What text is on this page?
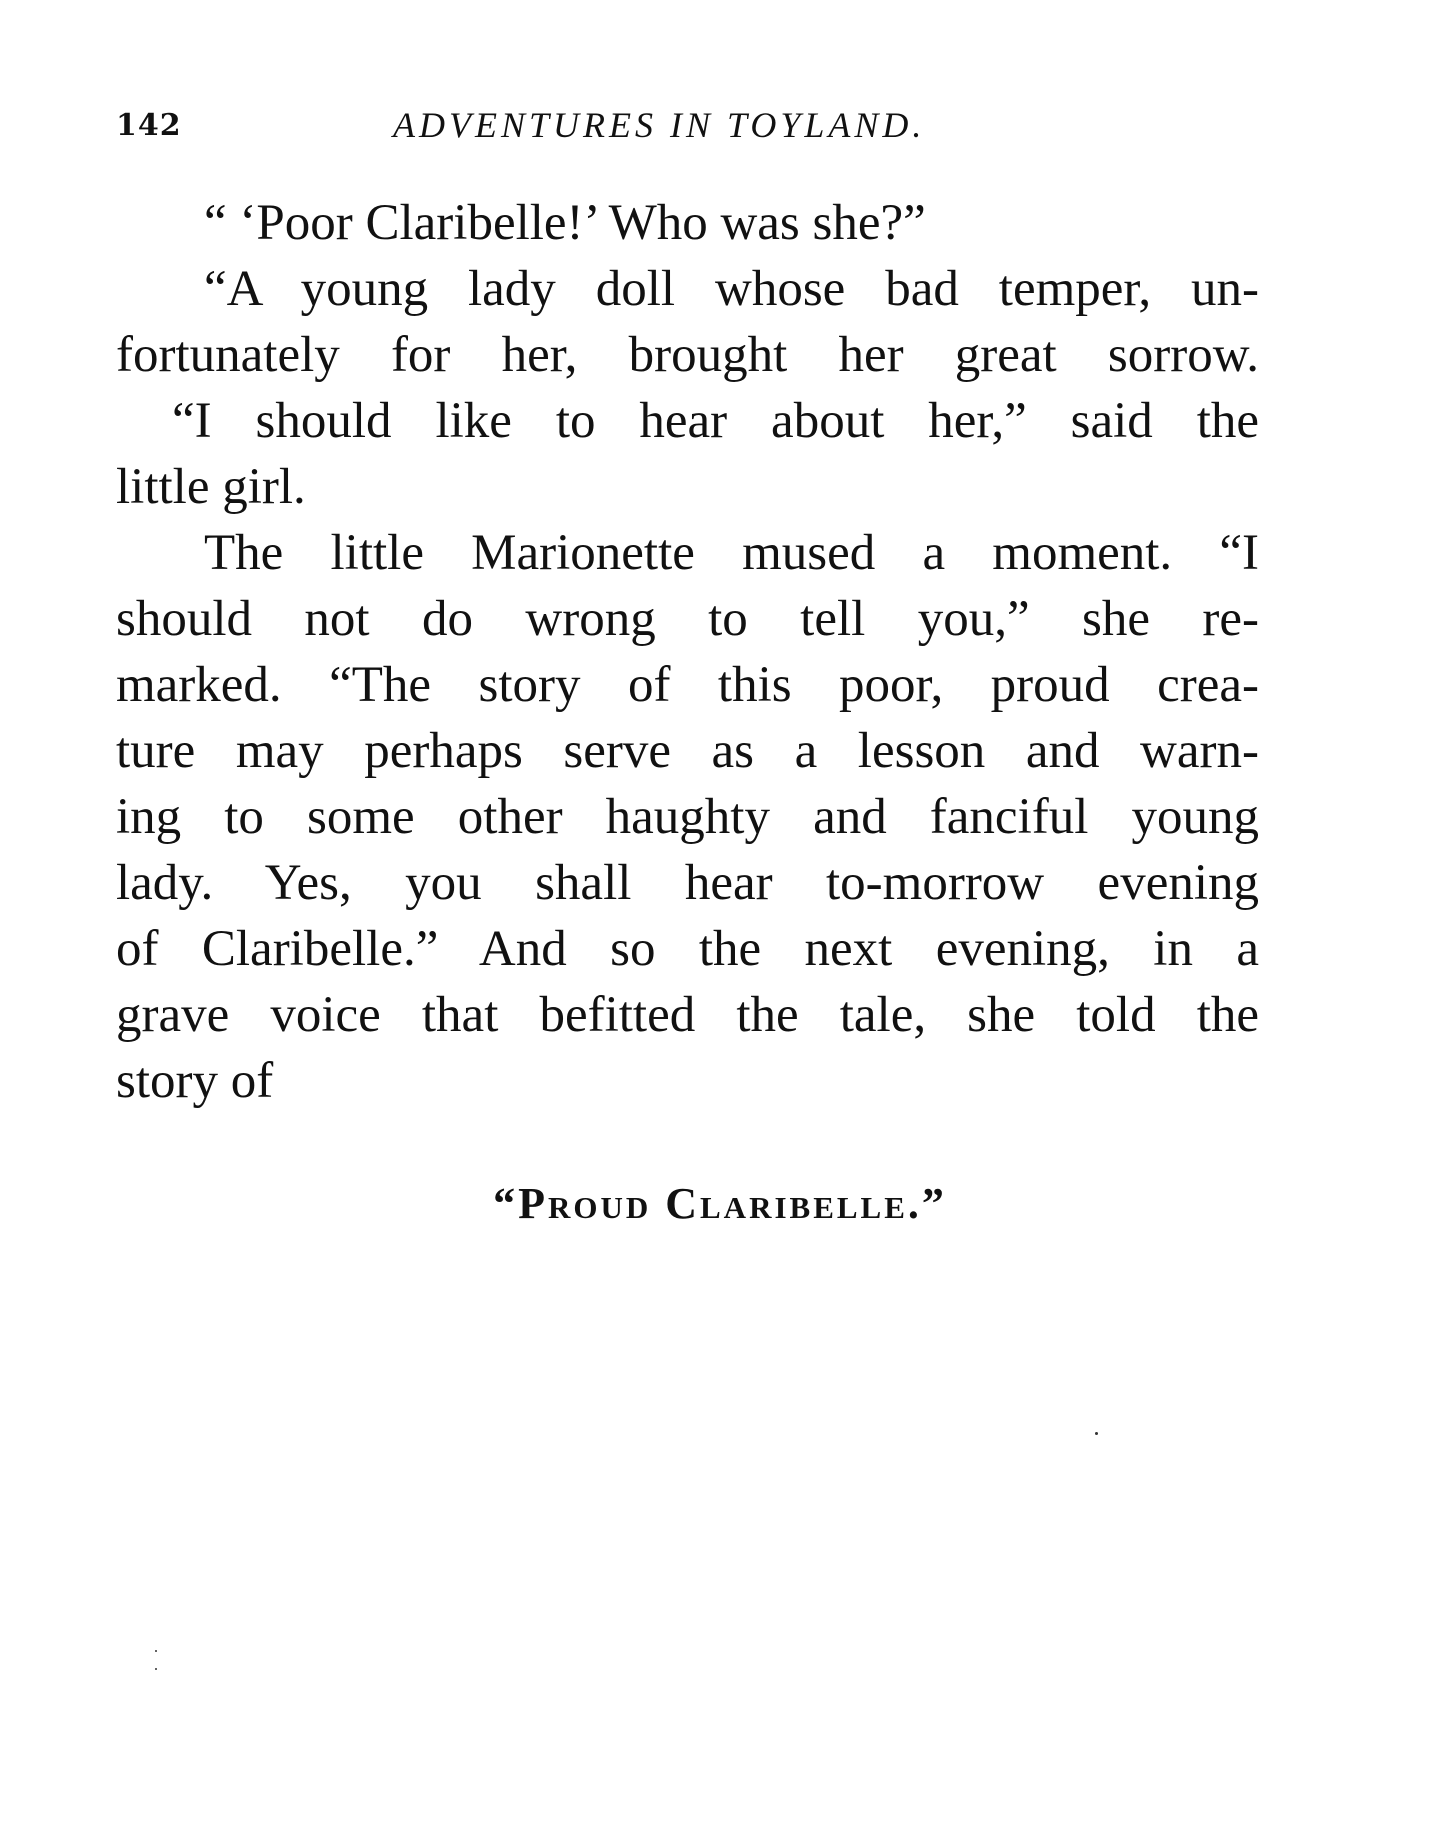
142	ADVENTURES IN TOYLAND.
“ ‘Poor Claribelle!’ Who was she?”
“A young lady doll whose bad temper, un-
fortunately for her, brought her great sorrow.
“I should like to hear about her,” said the
little girl.
The little Marionette mused a moment. “I
should not do wrong to tell you,” she re-
marked. “The story of this poor, proud crea-
ture may perhaps serve as a lesson and warn-
ing to some other haughty and fanciful young
lady. Yes, you shall hear to-morrow evening
of Claribelle.” And so the next evening, in a
grave voice that befitted the tale, she told the
story of
“Proud Claribelle.”
